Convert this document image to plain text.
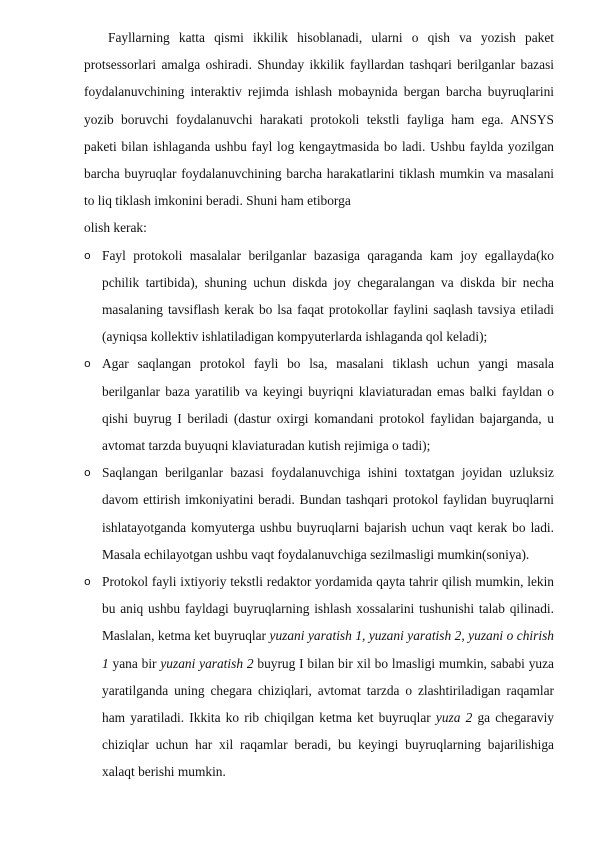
Fayllarning katta qismi ikkilik hisoblanadi, ularni o qish va yozish paket protsessorlari amalga oshiradi. Shunday ikkilik fayllardan tashqari berilganlar bazasi foydalanuvchining interaktiv rejimda ishlash mobaynida bergan barcha buyruqlarini yozib boruvchi foydalanuvchi harakati protokoli tekstli fayliga ham ega. ANSYS paketi bilan ishlaganda ushbu fayl log kengaytmasida bo ladi. Ushbu faylda yozilgan barcha buyruqlar foydalanuvchining barcha harakatlarini tiklash mumkin va masalani to liq tiklash imkonini beradi. Shuni ham etiborga

olish kerak:

o Fayl protokoli masalalar berilganlar bazasiga qaraganda kam joy egallayda(ko pchilik tartibida), shuning uchun diskda joy chegaralangan va diskda bir necha masalaning tavsiflash kerak bo lsa faqat protokollar faylini saqlash tavsiya etiladi (ayniqsa kollektiv ishlatiladigan kompyuterlarda ishlaganda qol keladi);
o Agar saqlangan protokol fayli bo lsa, masalani tiklash uchun yangi masala berilganlar baza yaratilib va keyingi buyriqni klaviaturadan emas balki fayldan o qishi buyrug I beriladi (dastur oxirgi komandani protokol faylidan bajarganda, u avtomat tarzda buyuqni klaviaturadan kutish rejimiga o tadi);
o Saqlangan berilganlar bazasi foydalanuvchiga ishini toxtatgan joyidan uzluksiz davom ettirish imkoniyatini beradi. Bundan tashqari protokol faylidan buyruqlarni ishlatayotganda komyuterga ushbu buyruqlarni bajarish uchun vaqt kerak bo ladi. Masala echilayotgan ushbu vaqt foydalanuvchiga sezilmasligi mumkin(soniya).
o Protokol fayli ixtiyoriy tekstli redaktor yordamida qayta tahrir qilish mumkin, lekin bu aniq ushbu fayldagi buyruqlarning ishlash xossalarini tushunishi talab qilinadi. Maslalan, ketma ket buyruqlar yuzani yaratish 1, yuzani yaratish 2, yuzani o chirish 1 yana bir yuzani yaratish 2 buyrug I bilan bir xil bo lmasligi mumkin, sababi yuza yaratilganda uning chegara chiziqlari, avtomat tarzda o zlashtiriladigan raqamlar ham yaratiladi. Ikkita ko rib chiqilgan ketma ket buyruqlar yuza 2 ga chegaraviy chiziqlar uchun har xil raqamlar beradi, bu keyingi buyruqlarning bajarilishiga xalaqt berishi mumkin.
